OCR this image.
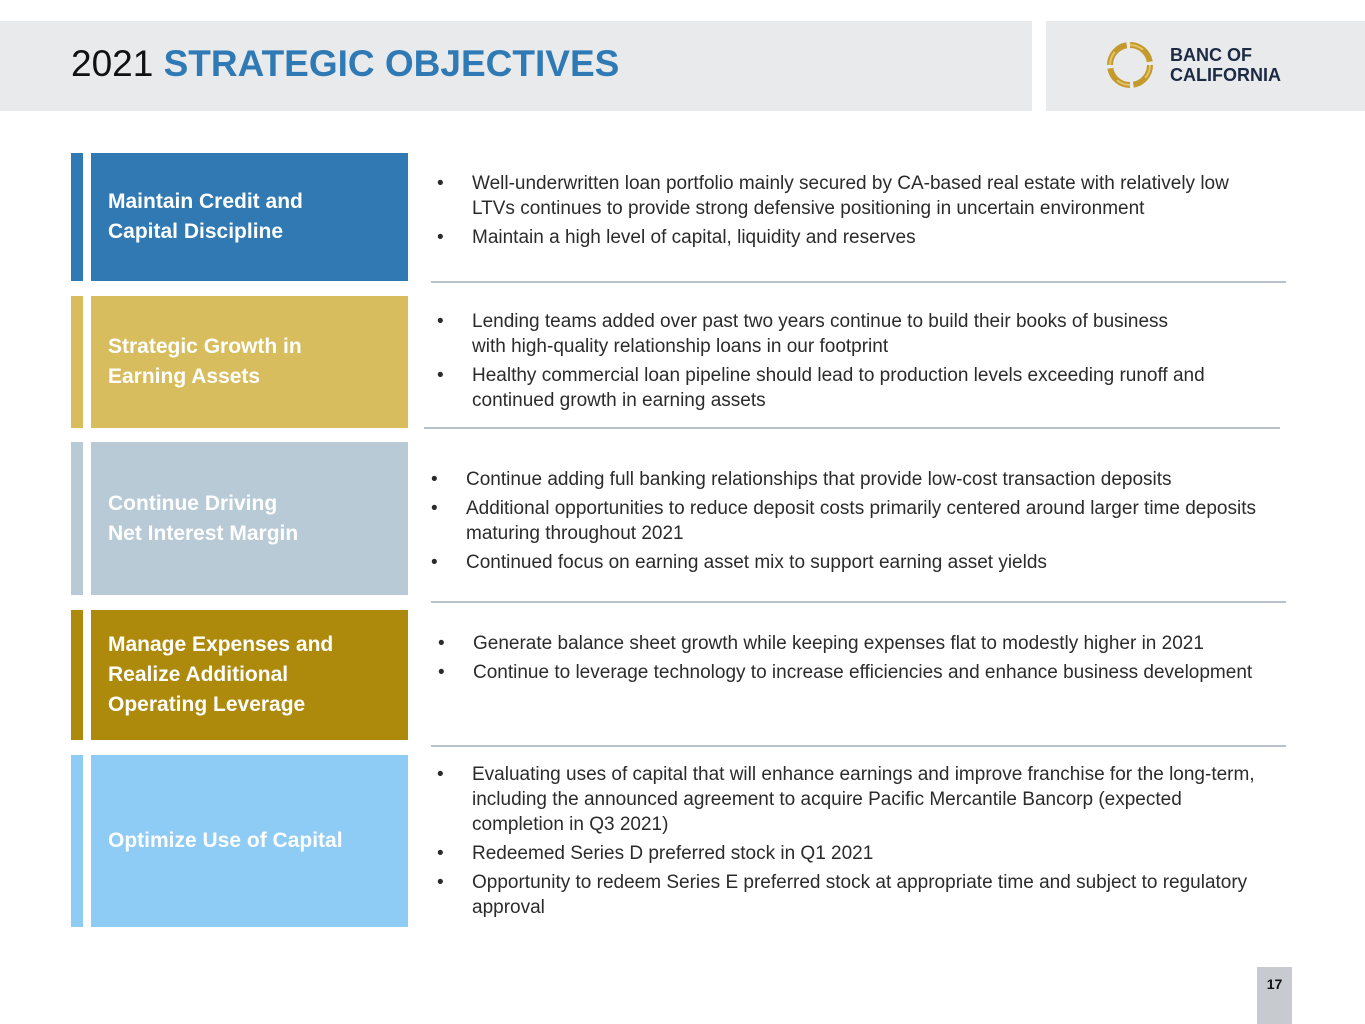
2021 STRATEGIC OBJECTIVES	BANC OF
CALIFORNIA
Maintain Credit and
Capital Discipline
• Well-underwritten loan portfolio mainly secured by CA-based real estate with relatively low LTVs continues to provide strong defensive positioning in uncertain environment
• Maintain a high level of capital, liquidity and reserves
Strategic Growth in
Earning Assets
• Lending teams added over past two years continue to build their books of business with high-quality relationship loans in our footprint
• Healthy commercial loan pipeline should lead to production levels exceeding runoff and continued growth in earning assets
Continue Driving
Net Interest Margin
• Continue adding full banking relationships that provide low-cost transaction deposits
• Additional opportunities to reduce deposit costs primarily centered around larger time deposits maturing throughout 2021
• Continued focus on earning asset mix to support earning asset yields
Manage Expenses and
Realize Additional
Operating Leverage
• Generate balance sheet growth while keeping expenses flat to modestly higher in 2021
• Continue to leverage technology to increase efficiencies and enhance business development
Optimize Use of Capital
• Evaluating uses of capital that will enhance earnings and improve franchise for the long-term, including the announced agreement to acquire Pacific Mercantile Bancorp (expected completion in Q3 2021)
• Redeemed Series D preferred stock in Q1 2021
• Opportunity to redeem Series E preferred stock at appropriate time and subject to regulatory approval
17
